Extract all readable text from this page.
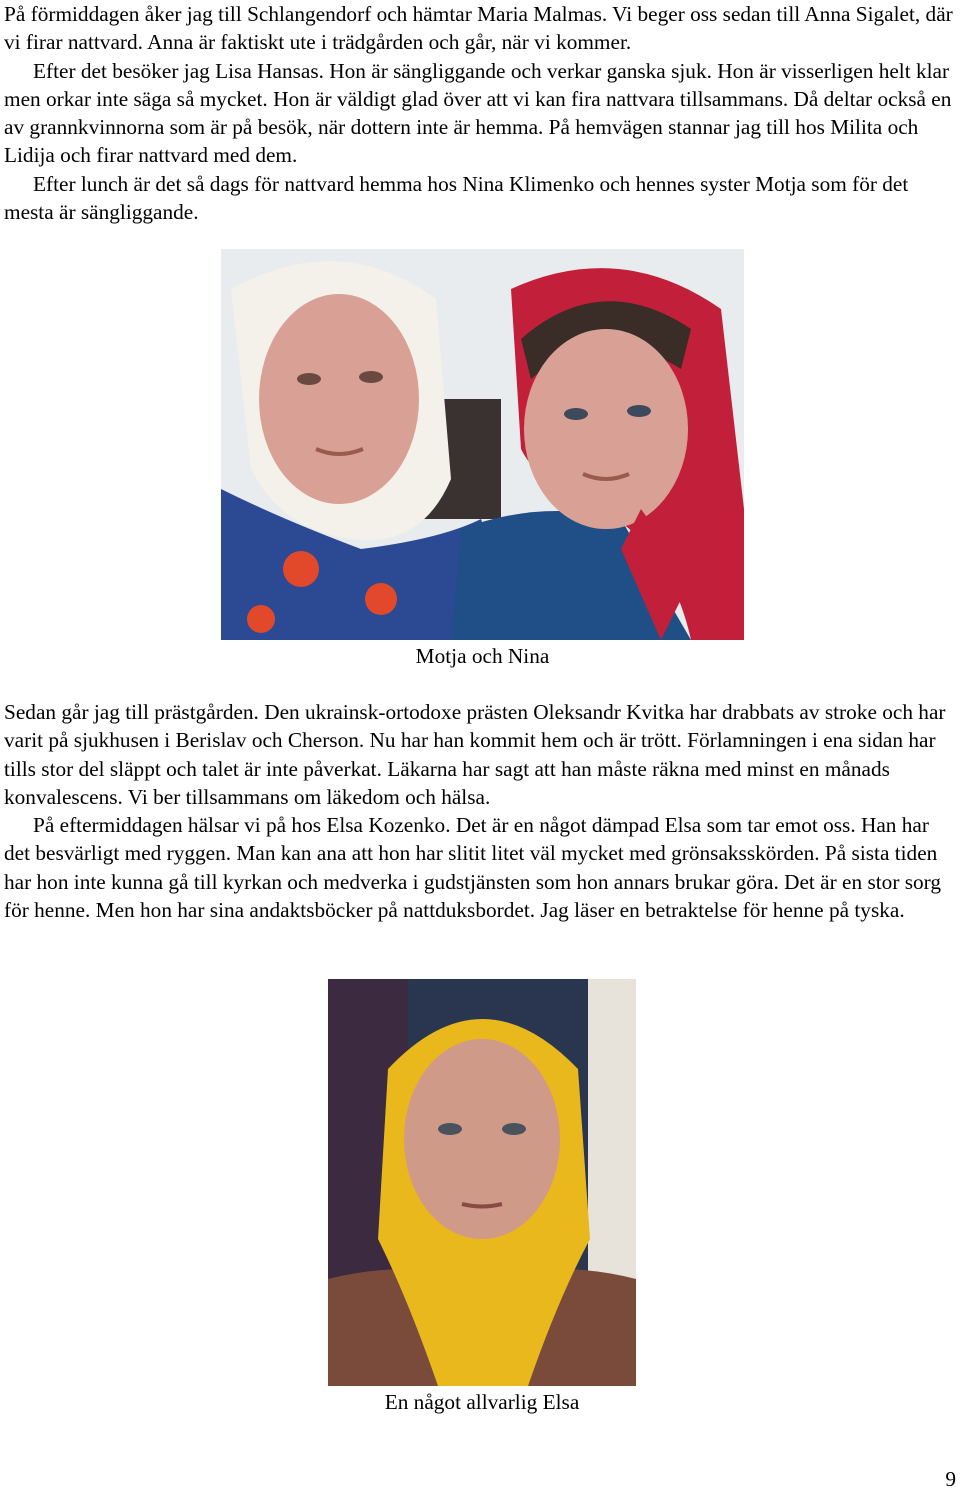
På förmiddagen åker jag till Schlangendorf och hämtar Maria Malmas. Vi beger oss sedan till Anna Sigalet, där vi firar nattvard. Anna är faktiskt ute i trädgården och går, när vi kommer.

Efter det besöker jag Lisa Hansas. Hon är sängliggande och verkar ganska sjuk. Hon är visserligen helt klar men orkar inte säga så mycket. Hon är väldigt glad över att vi kan fira nattvara tillsammans. Då deltar också en av grannkvinnorna som är på besök, när dottern inte är hemma. På hemvägen stannar jag till hos Milita och Lidija och firar nattvard med dem.

Efter lunch är det så dags för nattvard hemma hos Nina Klimenko och hennes syster Motja som för det mesta är sängliggande.

Motja och Nina

Sedan går jag till prästgården. Den ukrainsk-ortodoxe prästen Oleksandr Kvitka har drabbats av stroke och har varit på sjukhusen i Berislav och Cherson. Nu har han kommit hem och är trött. Förlamningen i ena sidan har tills stor del släppt och talet är inte påverkat. Läkarna har sagt att han måste räkna med minst en månads konvalescens. Vi ber tillsammans om läkedom och hälsa.

På eftermiddagen hälsar vi på hos Elsa Kozenko. Det är en något dämpad Elsa som tar emot oss. Han har det besvärligt med ryggen. Man kan ana att hon har slitit litet väl mycket med grönsaksskörden. På sista tiden har hon inte kunna gå till kyrkan och medverka i gudstjänsten som hon annars brukar göra. Det är en stor sorg för henne. Men hon har sina andaktsböcker på nattduksbordet. Jag läser en betraktelse för henne på tyska.

En något allvarlig Elsa
9
